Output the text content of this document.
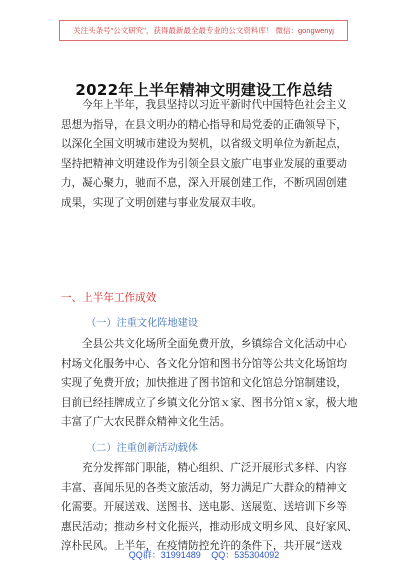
关注头条号"公文研究"，获得最新最全最专业的公文资料库！ 微信：gongwenyj
2022年上半年精神文明建设工作总结
今年上半年，我县坚持以习近平新时代中国特色社会主义
思想为指导，在县文明办的精心指导和局党委的正确领导下，
以深化全国文明城市建设为契机，以省级文明单位为新起点，
坚持把精神文明建设作为引领全县文旅广电事业发展的重要动
力，凝心聚力，驰而不息，深入开展创建工作，不断巩固创建
成果，实现了文明创建与事业发展双丰收。
一、上半年工作成效
（一）注重文化阵地建设
全县公共文化场所全面免费开放，乡镇综合文化活动中心
村场文化服务中心、各文化分馆和图书分馆等公共文化场馆均
实现了免费开放；加快推进了图书馆和文化馆总分馆制建设，
目前已经挂牌成立了乡镇文化分馆ｘ家、图书分馆ｘ家，极大地
丰富了广大农民群众精神文化生活。
（二）注重创新活动载体
充分发挥部门职能，精心组织、广泛开展形式多样、内容
丰富、喜闻乐见的各类文旅活动，努力满足广大群众的精神文
化需要。开展送戏、送图书、送电影、送展览、送培训下乡等
惠民活动；推动乡村文化振兴，推动形成文明乡风、良好家风、
淳朴民风。上半年，在疫情防控允许的条件下，共开展“送戏
QQ群：31991489 QQ：535304092
